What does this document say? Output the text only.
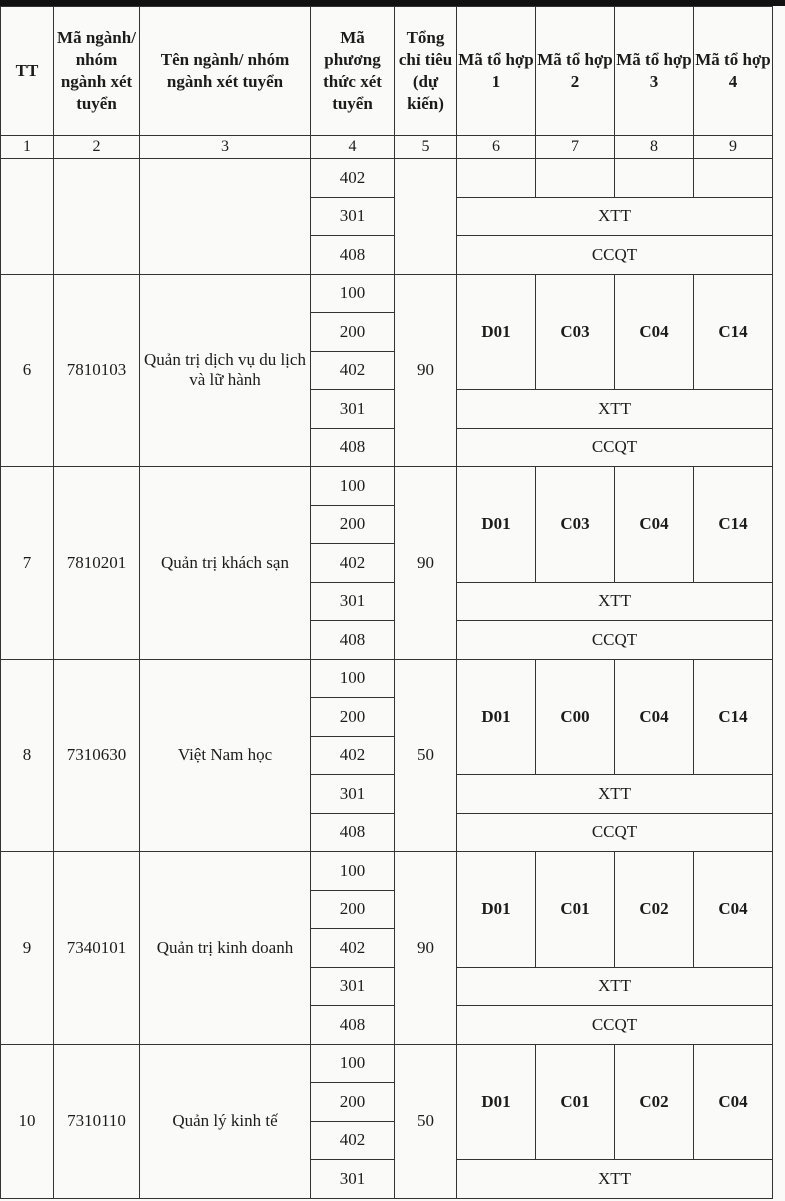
TT	Mã ngành/ nhóm ngành xét tuyển	Tên ngành/ nhóm ngành xét tuyển	Mã phương thức xét tuyển	Tổng chỉ tiêu (dự kiến)	Mã tổ hợp 1	Mã tổ hợp 2	Mã tổ hợp 3	Mã tổ hợp 4
1	2	3	4	5	6	7	8	9
			402					
			301		XTT			
			408		CCQT			
6	7810103	Quản trị dịch vụ du lịch và lữ hành	100	90	D01	C03	C04	C14
			200					
			402					
			301		XTT			
			408		CCQT			
7	7810201	Quản trị khách sạn	100	90	D01	C03	C04	C14
			200					
			402					
			301		XTT			
			408		CCQT			
8	7310630	Việt Nam học	100	50	D01	C00	C04	C14
			200					
			402					
			301		XTT			
			408		CCQT			
9	7340101	Quản trị kinh doanh	100	90	D01	C01	C02	C04
			200					
			402					
			301		XTT			
			408		CCQT			
10	7310110	Quản lý kinh tế	100	50	D01	C01	C02	C04
			200					
			402					
			301		XTT			
